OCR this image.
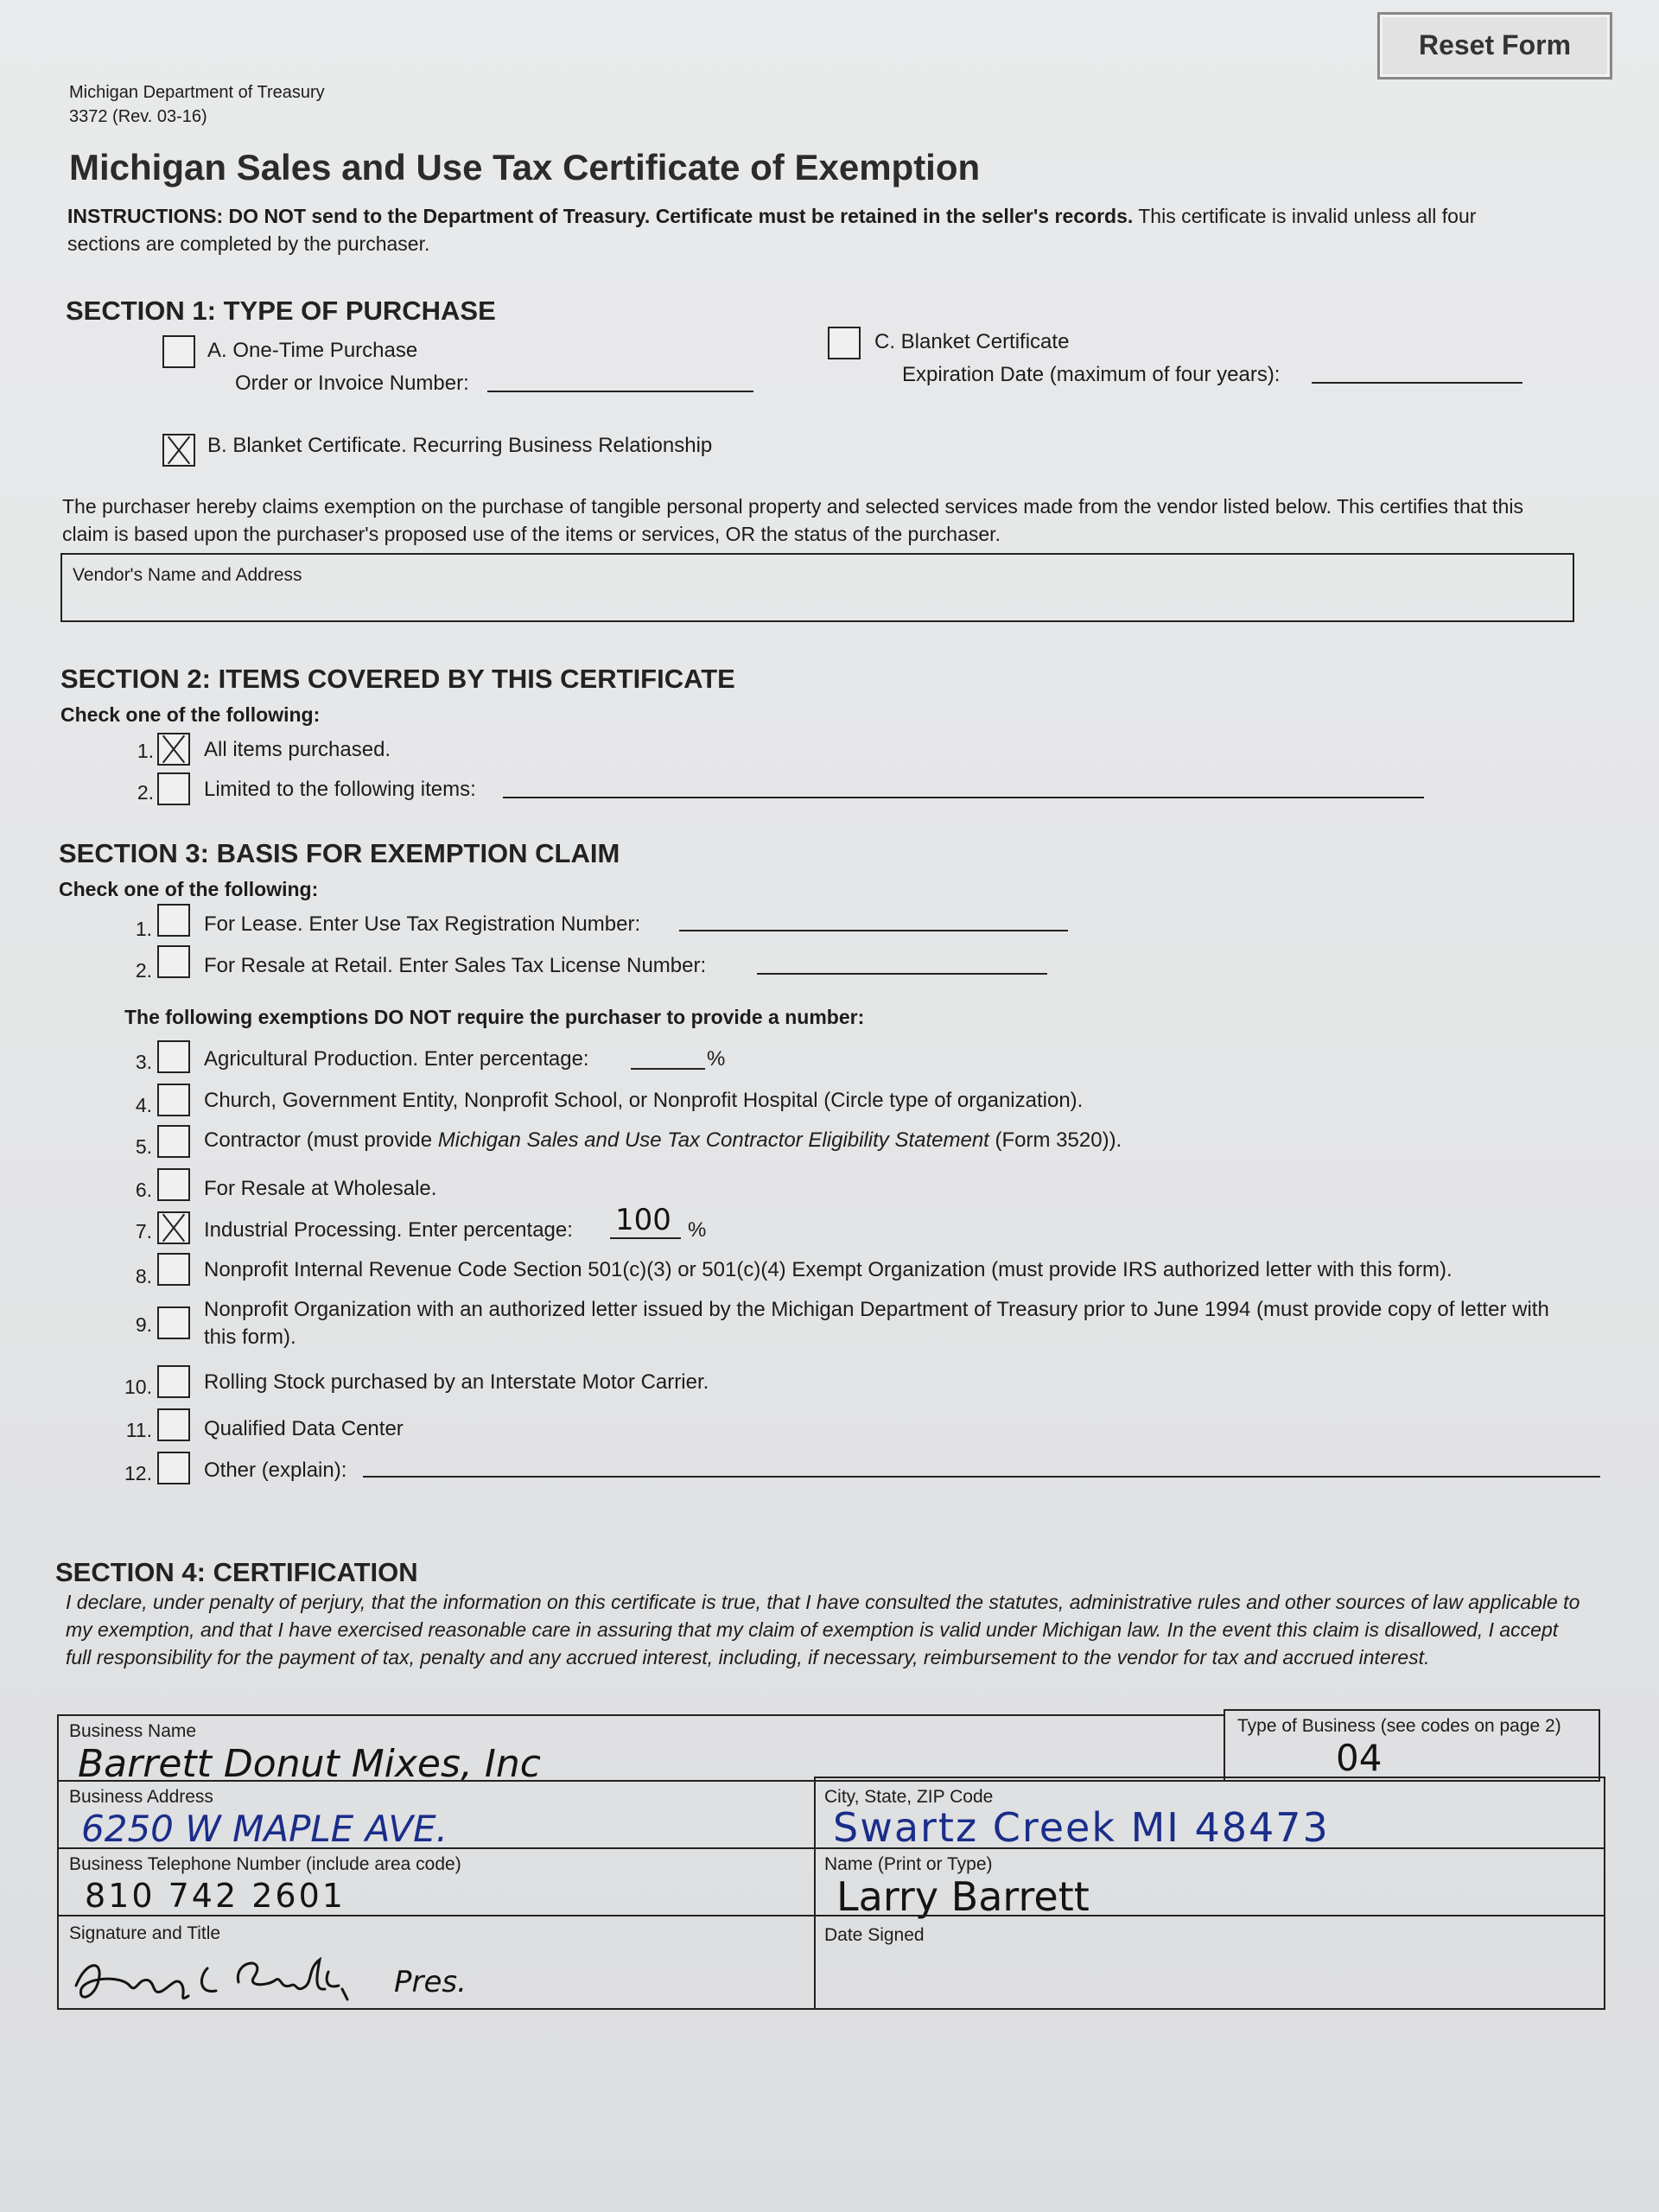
Reset Form
Michigan Department of Treasury
3372 (Rev. 03-16)
Michigan Sales and Use Tax Certificate of Exemption
INSTRUCTIONS: DO NOT send to the Department of Treasury. Certificate must be retained in the seller's records. This certificate is invalid unless all four sections are completed by the purchaser.
SECTION 1: TYPE OF PURCHASE
A. One-Time Purchase
Order or Invoice Number:
C. Blanket Certificate
Expiration Date (maximum of four years):
B. Blanket Certificate. Recurring Business Relationship
The purchaser hereby claims exemption on the purchase of tangible personal property and selected services made from the vendor listed below. This certifies that this claim is based upon the purchaser's proposed use of the items or services, OR the status of the purchaser.
Vendor's Name and Address
SECTION 2: ITEMS COVERED BY THIS CERTIFICATE
Check one of the following:
1. All items purchased.
2. Limited to the following items:
SECTION 3: BASIS FOR EXEMPTION CLAIM
Check one of the following:
1.	For Lease. Enter Use Tax Registration Number:
2.	For Resale at Retail. Enter Sales Tax License Number:
The following exemptions DO NOT require the purchaser to provide a number:
3.	Agricultural Production. Enter percentage:	%
4.	Church, Government Entity, Nonprofit School, or Nonprofit Hospital (Circle type of organization).
5.	Contractor (must provide Michigan Sales and Use Tax Contractor Eligibility Statement (Form 3520)).
6.	For Resale at Wholesale.
7.	Industrial Processing. Enter percentage: 100 %
8.	Nonprofit Internal Revenue Code Section 501(c)(3) or 501(c)(4) Exempt Organization (must provide IRS authorized letter with this form).
9.
Nonprofit Organization with an authorized letter issued by the Michigan Department of Treasury prior to June 1994 (must provide copy of letter with this form).
10.	Rolling Stock purchased by an Interstate Motor Carrier.
11.	Qualified Data Center
12.	Other (explain):
SECTION 4: CERTIFICATION
I declare, under penalty of perjury, that the information on this certificate is true, that I have consulted the statutes, administrative rules and other sources of law applicable to my exemption, and that I have exercised reasonable care in assuring that my claim of exemption is valid under Michigan law. In the event this claim is disallowed, I accept full responsibility for the payment of tax, penalty and any accrued interest, including, if necessary, reimbursement to the vendor for tax and accrued interest.
Business Name
Barrett Donut Mixes, Inc
Type of Business (see codes on page 2)
04
Business Address
6250 W MAPLE AVE.
City, State, ZIP Code
Swartz Creek MI 48473
Business Telephone Number (include area code)
810 742 2601
Name (Print or Type)
Larry Barrett
Signature and Title
Pres.
Date Signed
